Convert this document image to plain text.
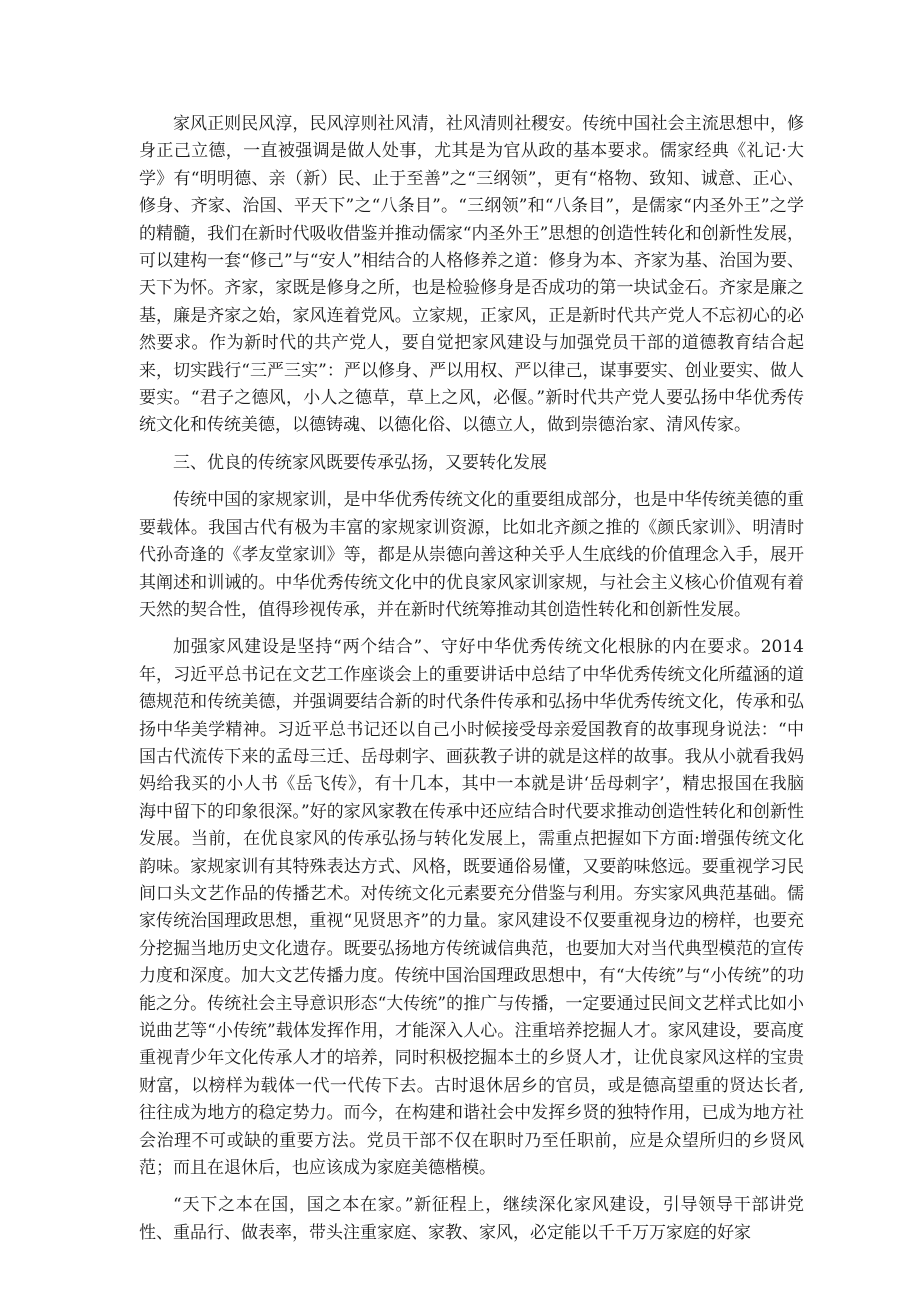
家风正则民风淳，民风淳则社风清，社风清则社稷安。传统中国社会主流思想中，修身正己立德，一直被强调是做人处事，尤其是为官从政的基本要求。儒家经典《礼记·大学》有“明明德、亲（新）民、止于至善”之“三纲领”，更有“格物、致知、诚意、正心、修身、齐家、治国、平天下”之“八条目”。“三纲领”和“八条目”，是儒家“内圣外王”之学的精髓，我们在新时代吸收借鉴并推动儒家“内圣外王”思想的创造性转化和创新性发展，可以建构一套“修己”与“安人”相结合的人格修养之道：修身为本、齐家为基、治国为要、天下为怀。齐家，家既是修身之所，也是检验修身是否成功的第一块试金石。齐家是廉之基，廉是齐家之始，家风连着党风。立家规，正家风，正是新时代共产党人不忘初心的必然要求。作为新时代的共产党人，要自觉把家风建设与加强党员干部的道德教育结合起来，切实践行“三严三实”：严以修身、严以用权、严以律己，谋事要实、创业要实、做人要实。“君子之德风，小人之德草，草上之风，必偃。”新时代共产党人要弘扬中华优秀传统文化和传统美德，以德铸魂、以德化俗、以德立人，做到崇德治家、清风传家。

三、优良的传统家风既要传承弘扬，又要转化发展

传统中国的家规家训，是中华优秀传统文化的重要组成部分，也是中华传统美德的重要载体。我国古代有极为丰富的家规家训资源，比如北齐颜之推的《颜氏家训》、明清时代孙奇逢的《孝友堂家训》等，都是从崇德向善这种关乎人生底线的价值理念入手，展开其阐述和训诫的。中华优秀传统文化中的优良家风家训家规，与社会主义核心价值观有着天然的契合性，值得珍视传承，并在新时代统筹推动其创造性转化和创新性发展。

加强家风建设是坚持“两个结合”、守好中华优秀传统文化根脉的内在要求。2014年，习近平总书记在文艺工作座谈会上的重要讲话中总结了中华优秀传统文化所蕴涵的道德规范和传统美德，并强调要结合新的时代条件传承和弘扬中华优秀传统文化，传承和弘扬中华美学精神。习近平总书记还以自己小时候接受母亲爱国教育的故事现身说法：“中国古代流传下来的孟母三迁、岳母刺字、画荻教子讲的就是这样的故事。我从小就看我妈妈给我买的小人书《岳飞传》，有十几本，其中一本就是讲‘岳母刺字’，精忠报国在我脑海中留下的印象很深。”好的家风家教在传承中还应结合时代要求推动创造性转化和创新性发展。当前，在优良家风的传承弘扬与转化发展上，需重点把握如下方面:增强传统文化韵味。家规家训有其特殊表达方式、风格，既要通俗易懂，又要韵味悠远。要重视学习民间口头文艺作品的传播艺术。对传统文化元素要充分借鉴与利用。夯实家风典范基础。儒家传统治国理政思想，重视“见贤思齐”的力量。家风建设不仅要重视身边的榜样，也要充分挖掘当地历史文化遗存。既要弘扬地方传统诚信典范，也要加大对当代典型模范的宣传力度和深度。加大文艺传播力度。传统中国治国理政思想中，有“大传统”与“小传统”的功能之分。传统社会主导意识形态“大传统”的推广与传播，一定要通过民间文艺样式比如小说曲艺等“小传统”载体发挥作用，才能深入人心。注重培养挖掘人才。家风建设，要高度重视青少年文化传承人才的培养，同时积极挖掘本土的乡贤人才，让优良家风这样的宝贵财富，以榜样为载体一代一代传下去。古时退休居乡的官员，或是德高望重的贤达长者,往往成为地方的稳定势力。而今，在构建和谐社会中发挥乡贤的独特作用，已成为地方社会治理不可或缺的重要方法。党员干部不仅在职时乃至任职前，应是众望所归的乡贤风范；而且在退休后，也应该成为家庭美德楷模。

“天下之本在国，国之本在家。”新征程上，继续深化家风建设，引导领导干部讲党性、重品行、做表率，带头注重家庭、家教、家风，必定能以千千万万家庭的好家
